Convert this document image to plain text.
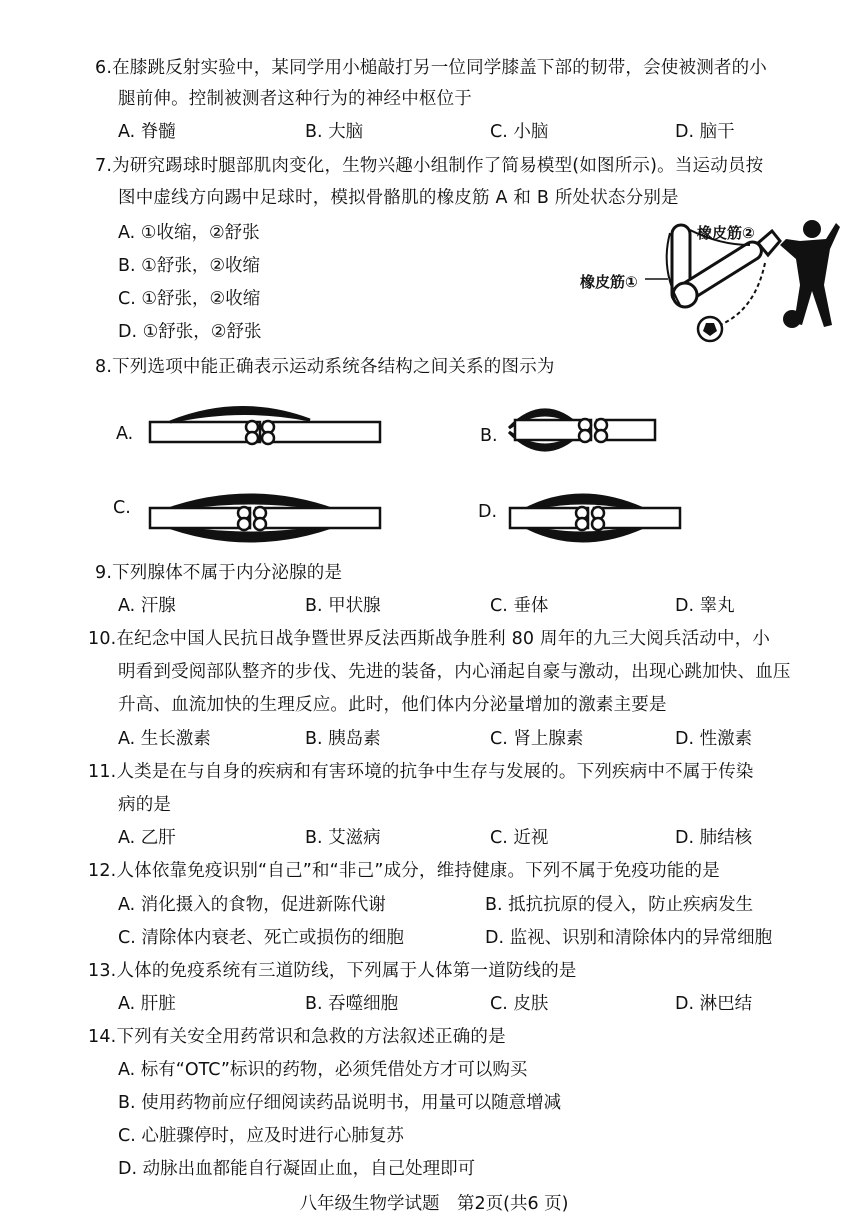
6.在膝跳反射实验中，某同学用小槌敲打另一位同学膝盖下部的韧带，会使被测者的小
腿前伸。控制被测者这种行为的神经中枢位于
A. 脊髓	B. 大脑	C. 小脑	D. 脑干
7.为研究踢球时腿部肌肉变化，生物兴趣小组制作了简易模型(如图所示)。当运动员按
图中虚线方向踢中足球时，模拟骨骼肌的橡皮筋 A 和 B 所处状态分别是
A. ①收缩，②舒张
B. ①舒张，②收缩
C. ①舒张，②收缩
D. ①舒张，②舒张
橡皮筋②
橡皮筋①
8.下列选项中能正确表示运动系统各结构之间关系的图示为
A.	B.
C.	D.
9.下列腺体不属于内分泌腺的是
A. 汗腺	B. 甲状腺	C. 垂体	D. 睾丸
10.在纪念中国人民抗日战争暨世界反法西斯战争胜利 80 周年的九三大阅兵活动中，小
明看到受阅部队整齐的步伐、先进的装备，内心涌起自豪与激动，出现心跳加快、血压
升高、血流加快的生理反应。此时，他们体内分泌量增加的激素主要是
A. 生长激素	B. 胰岛素	C. 肾上腺素	D. 性激素
11.人类是在与自身的疾病和有害环境的抗争中生存与发展的。下列疾病中不属于传染
病的是
A. 乙肝	B. 艾滋病	C. 近视	D. 肺结核
12.人体依靠免疫识别“自己”和“非己”成分，维持健康。下列不属于免疫功能的是
A. 消化摄入的食物，促进新陈代谢	B. 抵抗抗原的侵入，防止疾病发生
C. 清除体内衰老、死亡或损伤的细胞	D. 监视、识别和清除体内的异常细胞
13.人体的免疫系统有三道防线，下列属于人体第一道防线的是
A. 肝脏	B. 吞噬细胞	C. 皮肤	D. 淋巴结
14.下列有关安全用药常识和急救的方法叙述正确的是
A. 标有“OTC”标识的药物，必须凭借处方才可以购买
B. 使用药物前应仔细阅读药品说明书，用量可以随意增减
C. 心脏骤停时，应及时进行心肺复苏
D. 动脉出血都能自行凝固止血，自己处理即可
八年级生物学试题　第2页(共6 页)
